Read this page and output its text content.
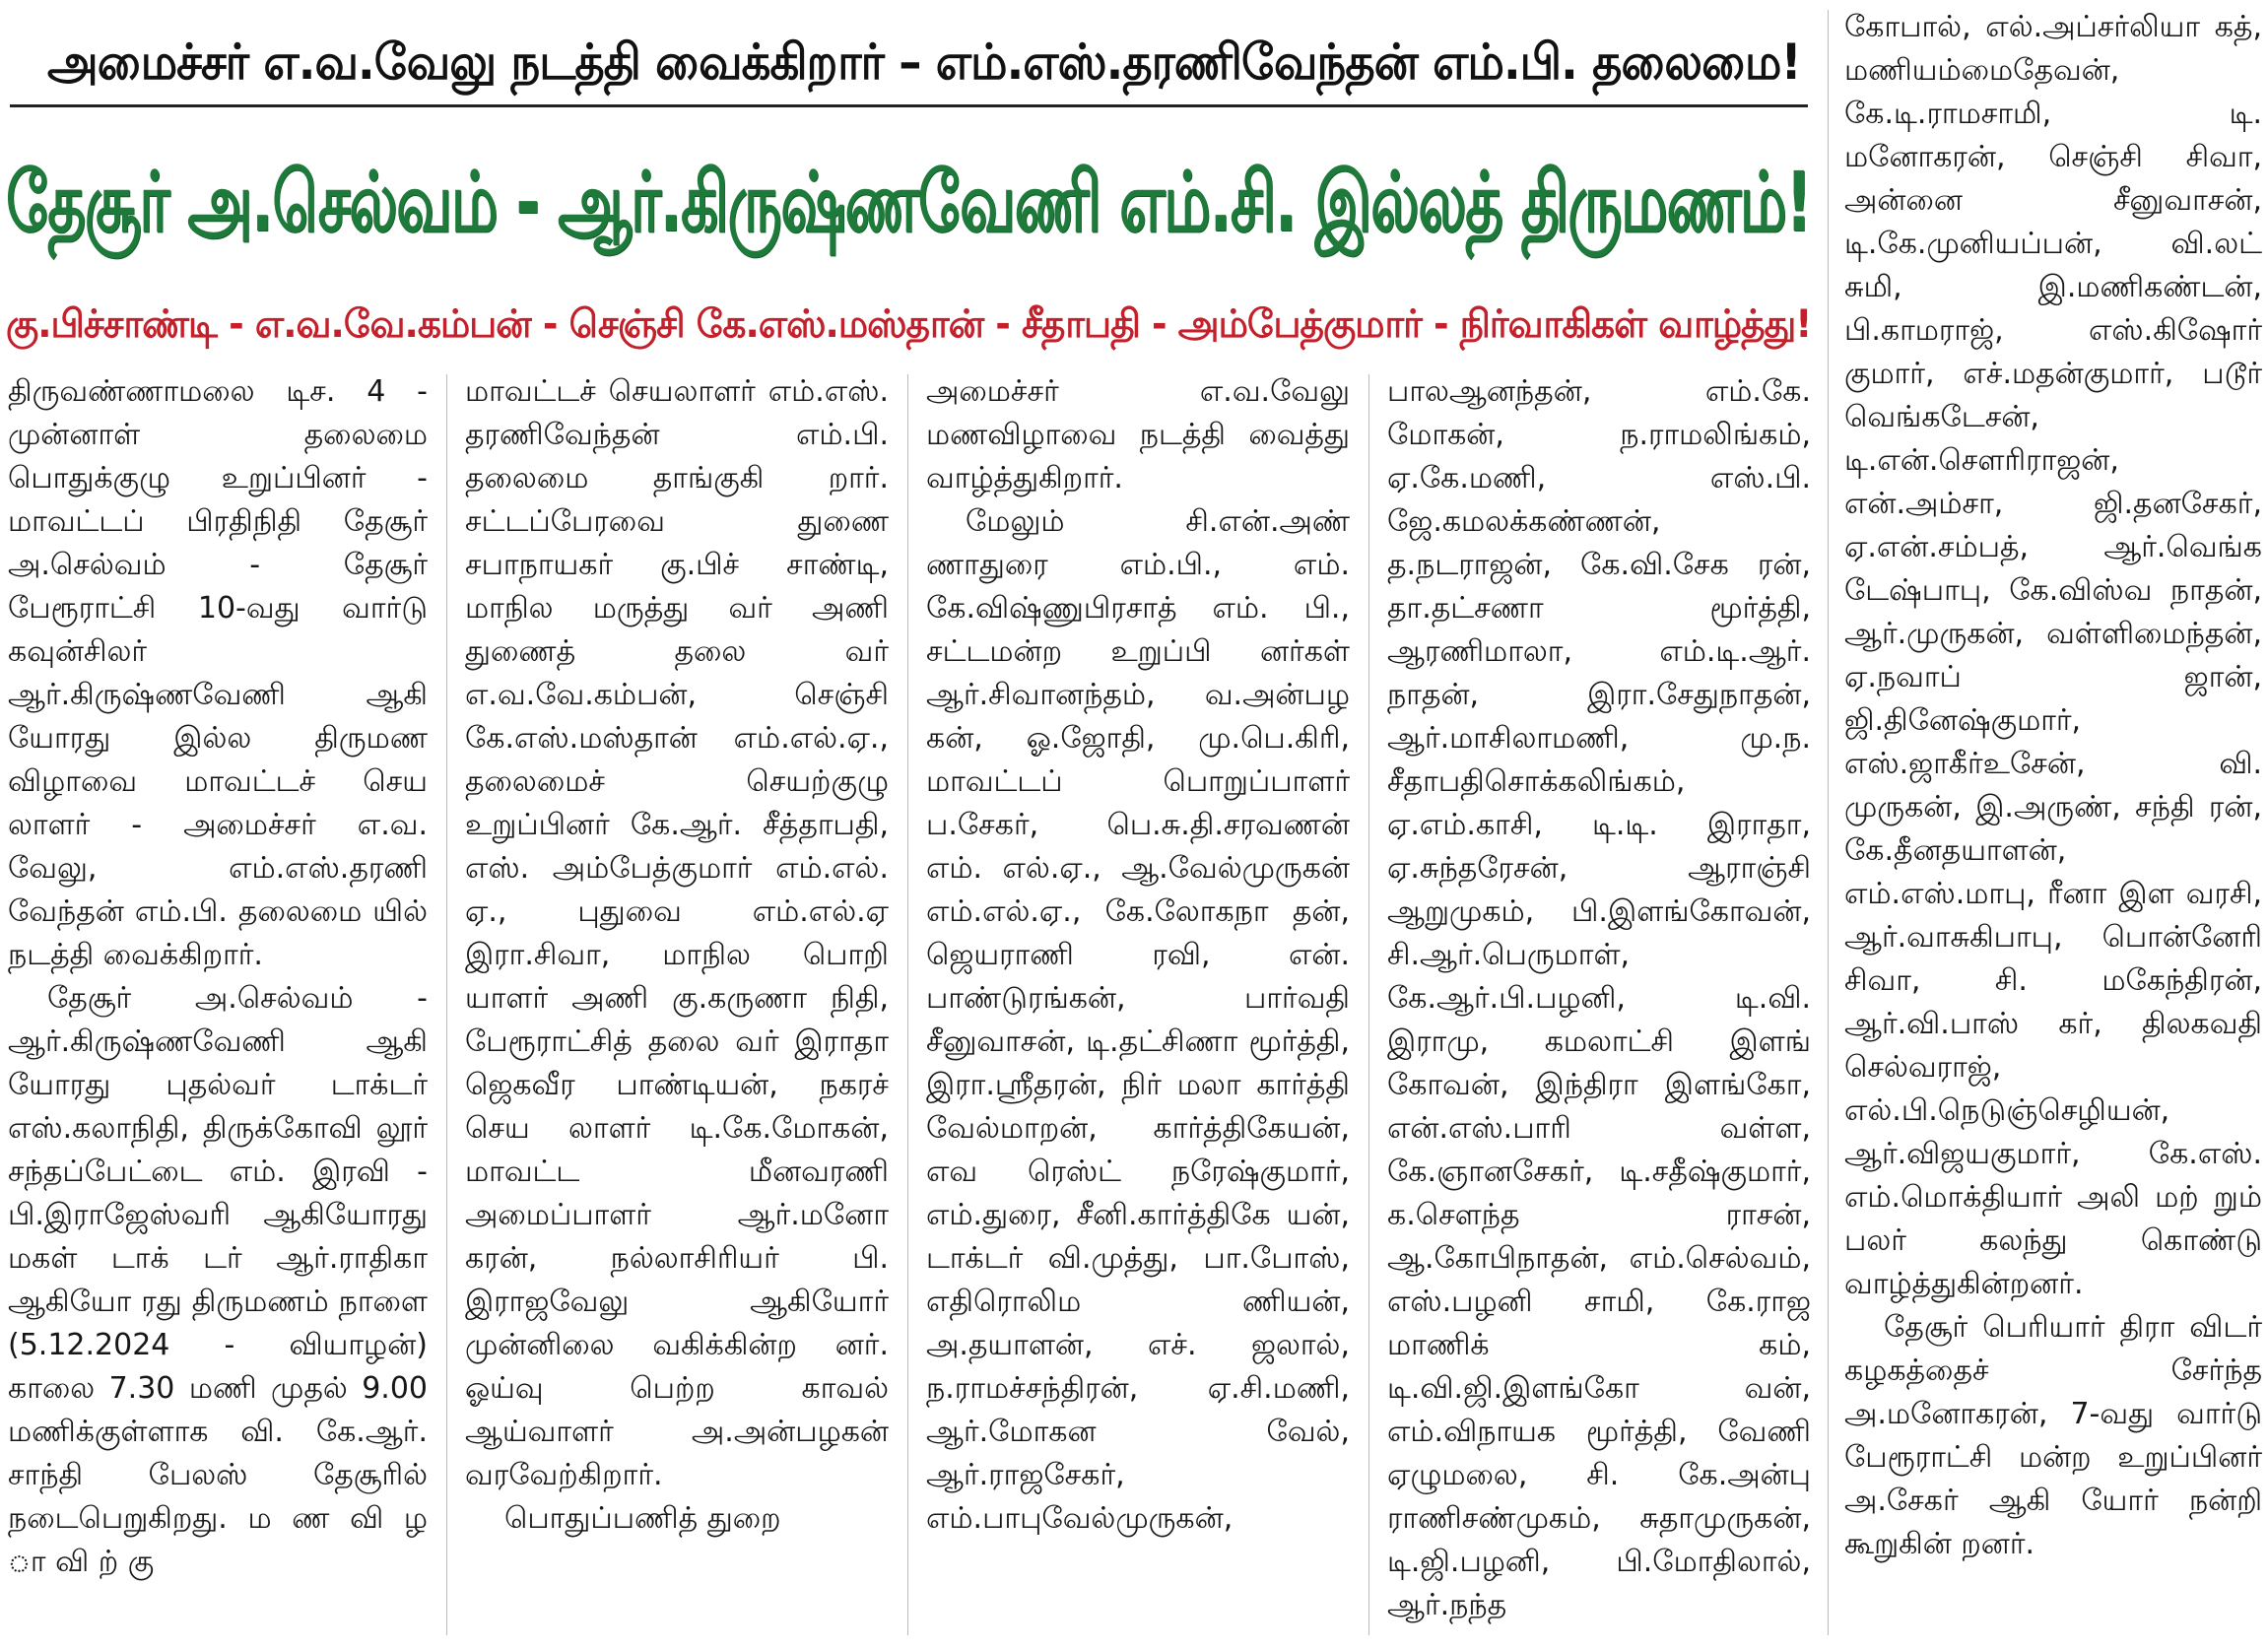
அமைச்சர் எ.வ.வேலு நடத்தி வைக்கிறார் – எம்.எஸ்.தரணிவேந்தன் எம்.பி. தலைமை!
தேசூர் அ.செல்வம் - ஆர்.கிருஷ்ணவேணி எம்.சி. இல்லத் திருமணம்!
கு.பிச்சாண்டி - எ.வ.வே.கம்பன் - செஞ்சி கே.எஸ்.மஸ்தான் - சீதாபதி - அம்பேத்குமார் - நிர்வாகிகள் வாழ்த்து!

திருவண்ணாமலை டிச. 4 - முன்னாள் தலைமை பொதுக்குழு உறுப்பினர் - மாவட்டப் பிரதிநிதி தேசூர் அ.செல்வம் - தேசூர் பேரூராட்சி 10-வது வார்டு கவுன்சிலர் ஆர்.கிருஷ்ணவேணி ஆகி யோரது இல்ல திருமண விழாவை மாவட்டச் செய லாளர் - அமைச்சர் எ.வ. வேலு, எம்.எஸ்.தரணி வேந்தன் எம்.பி. தலைமை யில் நடத்தி வைக்கிறார்.

தேசூர் அ.செல்வம் - ஆர்.கிருஷ்ணவேணி ஆகி யோரது புதல்வர் டாக்டர் எஸ்.கலாநிதி, திருக்கோவி லூர் சந்தப்பேட்டை எம். இரவி - பி.இராஜேஸ்வரி ஆகியோரது மகள் டாக் டர் ஆர்.ராதிகா ஆகியோ ரது திருமணம் நாளை (5.12.2024 - வியாழன்) காலை 7.30 மணி முதல் 9.00 மணிக்குள்ளாக வி. கே.ஆர். சாந்தி பேலஸ் தேசூரில் நடைபெறுகிறது. ம ண வி ழ ா வி ற் கு

மாவட்டச் செயலாளர் எம்.எஸ். தரணிவேந்தன் எம்.பி. தலைமை தாங்குகி றார். சட்டப்பேரவை துணை சபாநாயகர் கு.பிச் சாண்டி, மாநில மருத்து வர் அணி துணைத் தலை வர் எ.வ.வே.கம்பன், செஞ்சி கே.எஸ்.மஸ்தான் எம்.எல்.ஏ., தலைமைச் செயற்குழு உறுப்பினர் கே.ஆர். சீத்தாபதி, எஸ். அம்பேத்குமார் எம்.எல். ஏ., புதுவை எம்.எல்.ஏ இரா.சிவா, மாநில பொறி யாளர் அணி கு.கருணா நிதி, பேரூராட்சித் தலை வர் இராதா ஜெகவீர பாண்டியன், நகரச் செய லாளர் டி.கே.மோகன், மாவட்ட மீனவரணி அமைப்பாளர் ஆர்.மனோ கரன், நல்லாசிரியர் பி. இராஜவேலு ஆகியோர் முன்னிலை வகிக்கின்ற னர். ஓய்வு பெற்ற காவல் ஆய்வாளர் அ.அன்பழகன் வரவேற்கிறார்.

பொதுப்பணித் துறை

அமைச்சர் எ.வ.வேலு மணவிழாவை நடத்தி வைத்து வாழ்த்துகிறார்.

மேலும் சி.என்.அண் ணாதுரை எம்.பி., எம். கே.விஷ்ணுபிரசாத் எம். பி., சட்டமன்ற உறுப்பி னர்கள் ஆர்.சிவானந்தம், வ.அன்பழ கன், ஓ.ஜோதி, மு.பெ.கிரி, மாவட்டப் பொறுப்பாளர் ப.சேகர், பெ.சு.தி.சரவணன் எம். எல்.ஏ., ஆ.வேல்முருகன் எம்.எல்.ஏ., கே.லோகநா தன், ஜெயராணி ரவி, என். பாண்டுரங்கன், பார்வதி சீனுவாசன், டி.தட்சிணா மூர்த்தி, இரா.ஸ்ரீதரன், நிர் மலா கார்த்தி வேல்மாறன், கார்த்திகேயன், எவ ரெஸ்ட் நரேஷ்குமார், எம்.துரை, சீனி.கார்த்திகே யன், டாக்டர் வி.முத்து, பா.போஸ், எதிரொலிம ணியன், அ.தயாளன், எச். ஜலால், ந.ராமச்சந்திரன், ஏ.சி.மணி, ஆர்.மோகன வேல், ஆர்.ராஜசேகர், எம்.பாபுவேல்முருகன்,

பாலஆனந்தன், எம்.கே. மோகன், ந.ராமலிங்கம், ஏ.கே.மணி, எஸ்.பி. ஜே.கமலக்கண்ணன், த.நடராஜன், கே.வி.சேக ரன், தா.தட்சணா மூர்த்தி, ஆரணிமாலா, எம்.டி.ஆர். நாதன், இரா.சேதுநாதன், ஆர்.மாசிலாமணி, மு.ந. சீதாபதிசொக்கலிங்கம், ஏ.எம்.காசி, டி.டி. இராதா, ஏ.சுந்தரேசன், ஆராஞ்சி ஆறுமுகம், பி.இளங்கோவன், சி.ஆர்.பெருமாள், கே.ஆர்.பி.பழனி, டி.வி. இராமு, கமலாட்சி இளங் கோவன், இந்திரா இளங்கோ, என்.எஸ்.பாரி வள்ள, கே.ஞானசேகர், டி.சதீஷ்குமார், க.சௌந்த ராசன், ஆ.கோபிநாதன், எம்.செல்வம், எஸ்.பழனி சாமி, கே.ராஜ மாணிக் கம், டி.வி.ஜி.இளங்கோ வன், எம்.விநாயக மூர்த்தி, வேணி ஏழுமலை, சி. கே.அன்பு ராணிசண்முகம், சுதாமுருகன், டி.ஜி.பழனி, பி.மோதிலால், ஆர்.நந்த

கோபால், எல்.அப்சர்லியா கத், மணியம்மைதேவன், கே.டி.ராமசாமி, டி. மனோகரன், செஞ்சி சிவா, அன்னை சீனுவாசன், டி.கே.முனியப்பன், வி.லட் சுமி, இ.மணிகண்டன், பி.காமராஜ், எஸ்.கிஷோர் குமார், எச்.மதன்குமார், படூர் வெங்கடேசன், டி.என்.சௌரிராஜன், என்.அம்சா, ஜி.தனசேகர், ஏ.என்.சம்பத், ஆர்.வெங்க டேஷ்பாபு, கே.விஸ்வ நாதன், ஆர்.முருகன், வள்ளிமைந்தன், ஏ.நவாப் ஜான், ஜி.தினேஷ்குமார், எஸ்.ஜாகீர்உசேன், வி. முருகன், இ.அருண், சந்தி ரன், கே.தீனதயாளன், எம்.எஸ்.மாபு, ரீனா இள வரசி, ஆர்.வாசுகிபாபு, பொன்னேரி சிவா, சி. மகேந்திரன், ஆர்.வி.பாஸ் கர், திலகவதி செல்வராஜ், எல்.பி.நெடுஞ்செழியன், ஆர்.விஜயகுமார், கே.எஸ். எம்.மொக்தியார் அலி மற் றும் பலர் கலந்து கொண்டு வாழ்த்துகின்றனர்.

தேசூர் பெரியார் திரா விடர் கழகத்தைச் சேர்ந்த அ.மனோகரன், 7-வது வார்டு பேரூராட்சி மன்ற உறுப்பினர் அ.சேகர் ஆகி யோர் நன்றி கூறுகின் றனர்.
